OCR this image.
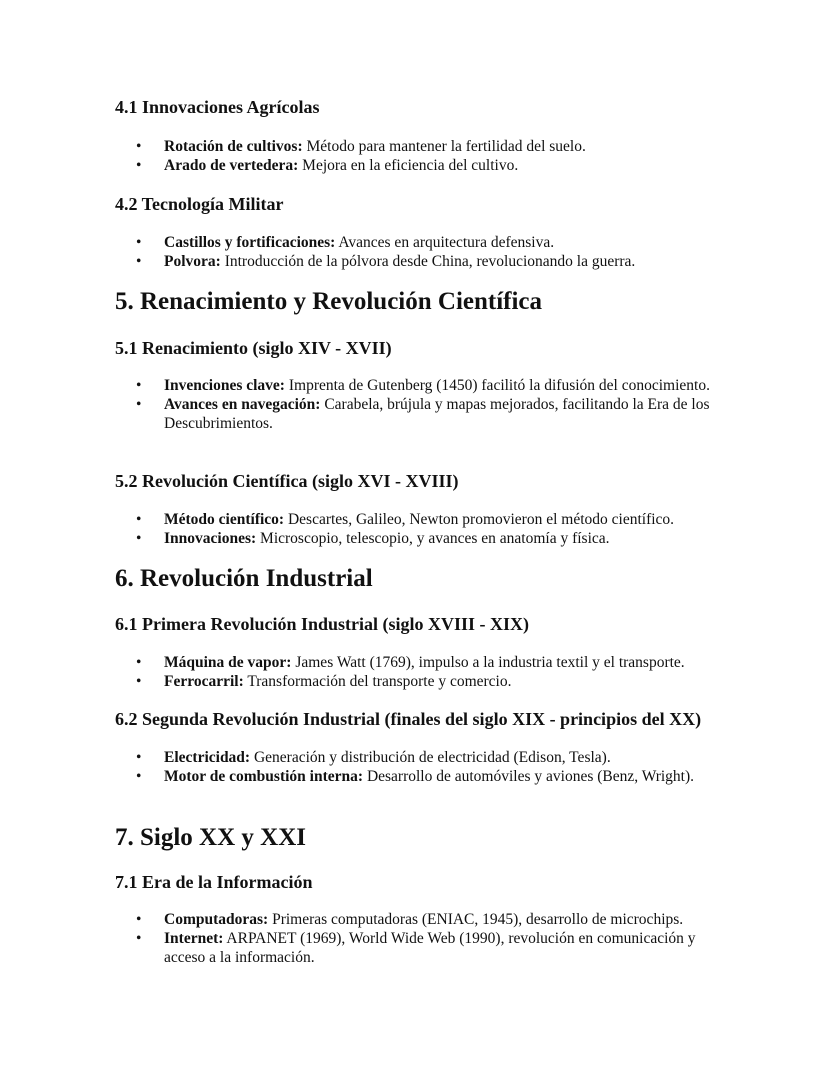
4.1 Innovaciones Agrícolas
• Rotación de cultivos: Método para mantener la fertilidad del suelo.
• Arado de vertedera: Mejora en la eficiencia del cultivo.
4.2 Tecnología Militar
• Castillos y fortificaciones: Avances en arquitectura defensiva.
• Polvora: Introducción de la pólvora desde China, revolucionando la guerra.
5. Renacimiento y Revolución Científica
5.1 Renacimiento (siglo XIV - XVII)
• Invenciones clave: Imprenta de Gutenberg (1450) facilitó la difusión del conocimiento.
• Avances en navegación: Carabela, brújula y mapas mejorados, facilitando la Era de los Descubrimientos.
5.2 Revolución Científica (siglo XVI - XVIII)
• Método científico: Descartes, Galileo, Newton promovieron el método científico.
• Innovaciones: Microscopio, telescopio, y avances en anatomía y física.
6. Revolución Industrial
6.1 Primera Revolución Industrial (siglo XVIII - XIX)
• Máquina de vapor: James Watt (1769), impulso a la industria textil y el transporte.
• Ferrocarril: Transformación del transporte y comercio.
6.2 Segunda Revolución Industrial (finales del siglo XIX - principios del XX)
• Electricidad: Generación y distribución de electricidad (Edison, Tesla).
• Motor de combustión interna: Desarrollo de automóviles y aviones (Benz, Wright).
7. Siglo XX y XXI
7.1 Era de la Información
• Computadoras: Primeras computadoras (ENIAC, 1945), desarrollo de microchips.
• Internet: ARPANET (1969), World Wide Web (1990), revolución en comunicación y acceso a la información.
